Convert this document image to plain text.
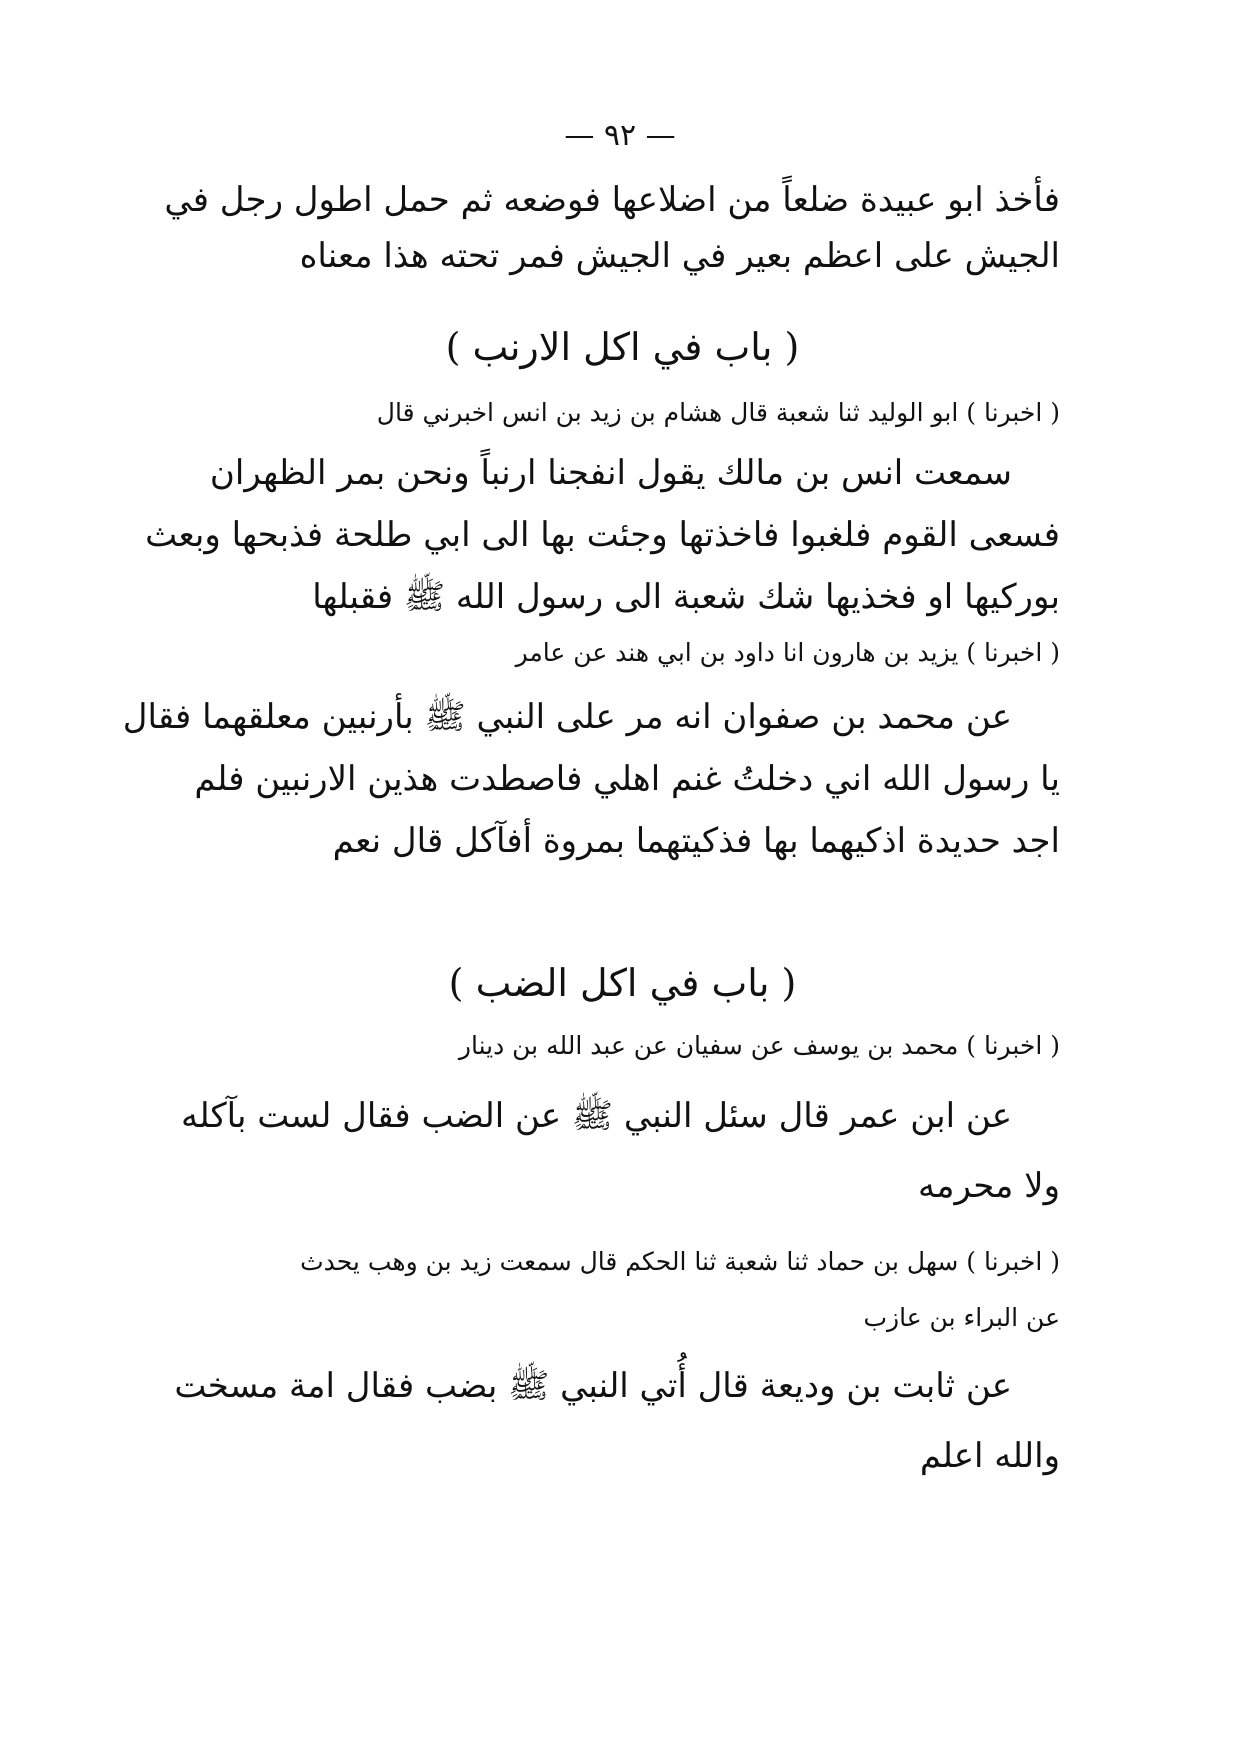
— ٩٢ —
فأخذ ابو عبيدة ضلعاً من اضلاعها فوضعه ثم حمل اطول رجل في
الجيش على اعظم بعير في الجيش فمر تحته هذا معناه
( باب في اكل الارنب )
( اخبرنا ) ابو الوليد ثنا شعبة قال هشام بن زيد بن انس اخبرني قال
سمعت انس بن مالك يقول انفجنا ارنباً ونحن بمر الظهران
فسعى القوم فلغبوا فاخذتها وجئت بها الى ابي طلحة فذبحها وبعث
بوركيها او فخذيها شك شعبة الى رسول الله ﷺ فقبلها
( اخبرنا ) يزيد بن هارون انا داود بن ابي هند عن عامر
عن محمد بن صفوان انه مر على النبي ﷺ بأرنبين معلقهما فقال
يا رسول الله اني دخلتُ غنم اهلي فاصطدت هذين الارنبين فلم
اجد حديدة اذكيهما بها فذكيتهما بمروة أفآكل قال نعم
( باب في اكل الضب )
( اخبرنا ) محمد بن يوسف عن سفيان عن عبد الله بن دينار
عن ابن عمر قال سئل النبي ﷺ عن الضب فقال لست بآكله
ولا محرمه
( اخبرنا ) سهل بن حماد ثنا شعبة ثنا الحكم قال سمعت زيد بن وهب يحدث
عن البراء بن عازب
عن ثابت بن وديعة قال أُتي النبي ﷺ بضب فقال امة مسخت
والله اعلم
